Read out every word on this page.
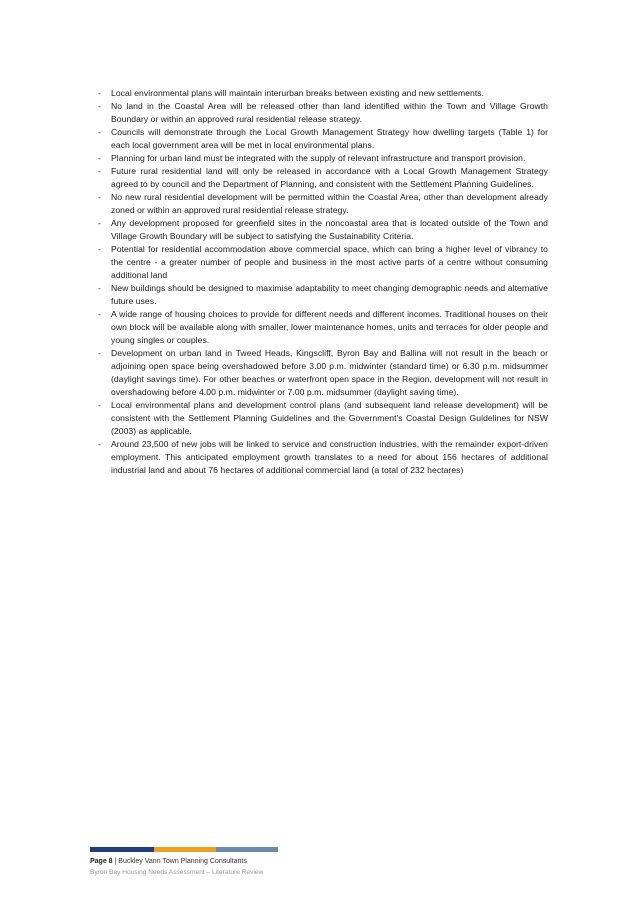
- Local environmental plans will maintain interurban breaks between existing and new settlements.
- No land in the Coastal Area will be released other than land identified within the Town and Village Growth Boundary or within an approved rural residential release strategy.
- Councils will demonstrate through the Local Growth Management Strategy how dwelling targets (Table 1) for each local government area will be met in local environmental plans.
- Planning for urban land must be integrated with the supply of relevant infrastructure and transport provision.
- Future rural residential land will only be released in accordance with a Local Growth Management Strategy agreed to by council and the Department of Planning, and consistent with the Settlement Planning Guidelines.
- No new rural residential development will be permitted within the Coastal Area, other than development already zoned or within an approved rural residential release strategy.
- Any development proposed for greenfield sites in the noncoastal area that is located outside of the Town and Village Growth Boundary will be subject to satisfying the Sustainability Criteria.
- Potential for residential accommodation above commercial space, which can bring a higher level of vibrancy to the centre - a greater number of people and business in the most active parts of a centre without consuming additional land
- New buildings should be designed to maximise adaptability to meet changing demographic needs and alternative future uses.
- A wide range of housing choices to provide for different needs and different incomes. Traditional houses on their own block will be available along with smaller, lower maintenance homes, units and terraces for older people and young singles or couples.
- Development on urban land in Tweed Heads, Kingscliff, Byron Bay and Ballina will not result in the beach or adjoining open space being overshadowed before 3.00 p.m. midwinter (standard time) or 6.30 p.m. midsummer (daylight savings time). For other beaches or waterfront open space in the Region, development will not result in overshadowing before 4.00 p.m. midwinter or 7.00 p.m. midsummer (daylight saving time).
- Local environmental plans and development control plans (and subsequent land release development) will be consistent with the Settlement Planning Guidelines and the Government's Coastal Design Guidelines for NSW (2003) as applicable.
- Around 23,500 of new jobs will be linked to service and construction industries, with the remainder export-driven employment. This anticipated employment growth translates to a need for about 156 hectares of additional industrial land and about 76 hectares of additional commercial land (a total of 232 hectares)
Page 8 | Buckley Vann Town Planning Consultants
Byron Bay Housing Needs Assessment – Literature Review
